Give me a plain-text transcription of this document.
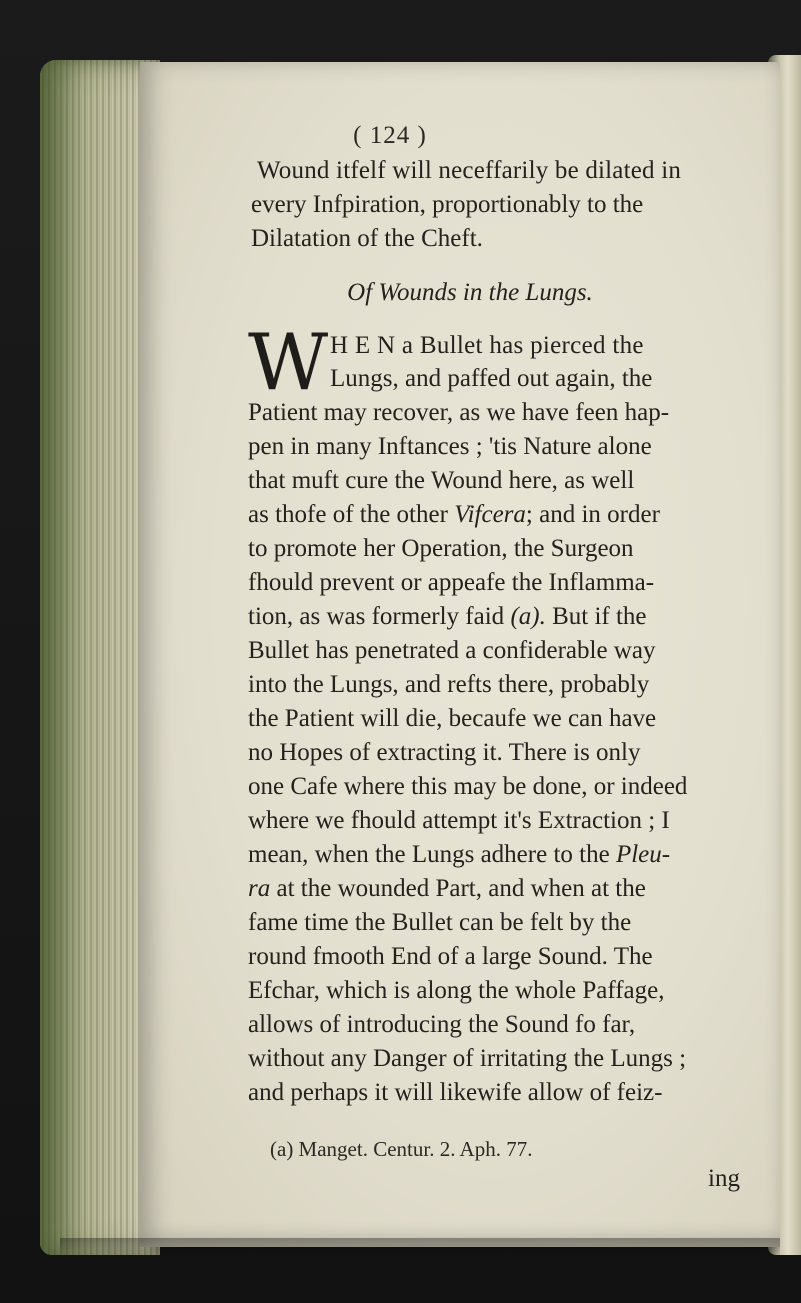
( 124 )
Wound itfelf will neceffarily be dilated in
every Infpiration, proportionably to the
Dilatation of the Cheft.
Of Wounds in the Lungs.
W H E N a Bullet has pierced the
Lungs, and paffed out again, the
Patient may recover, as we have feen hap-
pen in many Inftances ; 'tis Nature alone
that muft cure the Wound here, as well
as thofe of the other Vifcera; and in order
to promote her Operation, the Surgeon
fhould prevent or appeafe the Inflamma-
tion, as was formerly faid (a). But if the
Bullet has penetrated a confiderable way
into the Lungs, and refts there, probably
the Patient will die, becaufe we can have
no Hopes of extracting it. There is only
one Cafe where this may be done, or indeed
where we fhould attempt it's Extraction ; I
mean, when the Lungs adhere to the Pleu-
ra at the wounded Part, and when at the
fame time the Bullet can be felt by the
round fmooth End of a large Sound. The
Efchar, which is along the whole Paffage,
allows of introducing the Sound fo far,
without any Danger of irritating the Lungs ;
and perhaps it will likewife allow of feiz-
(a) Manget. Centur. 2. Aph. 77.
ing
